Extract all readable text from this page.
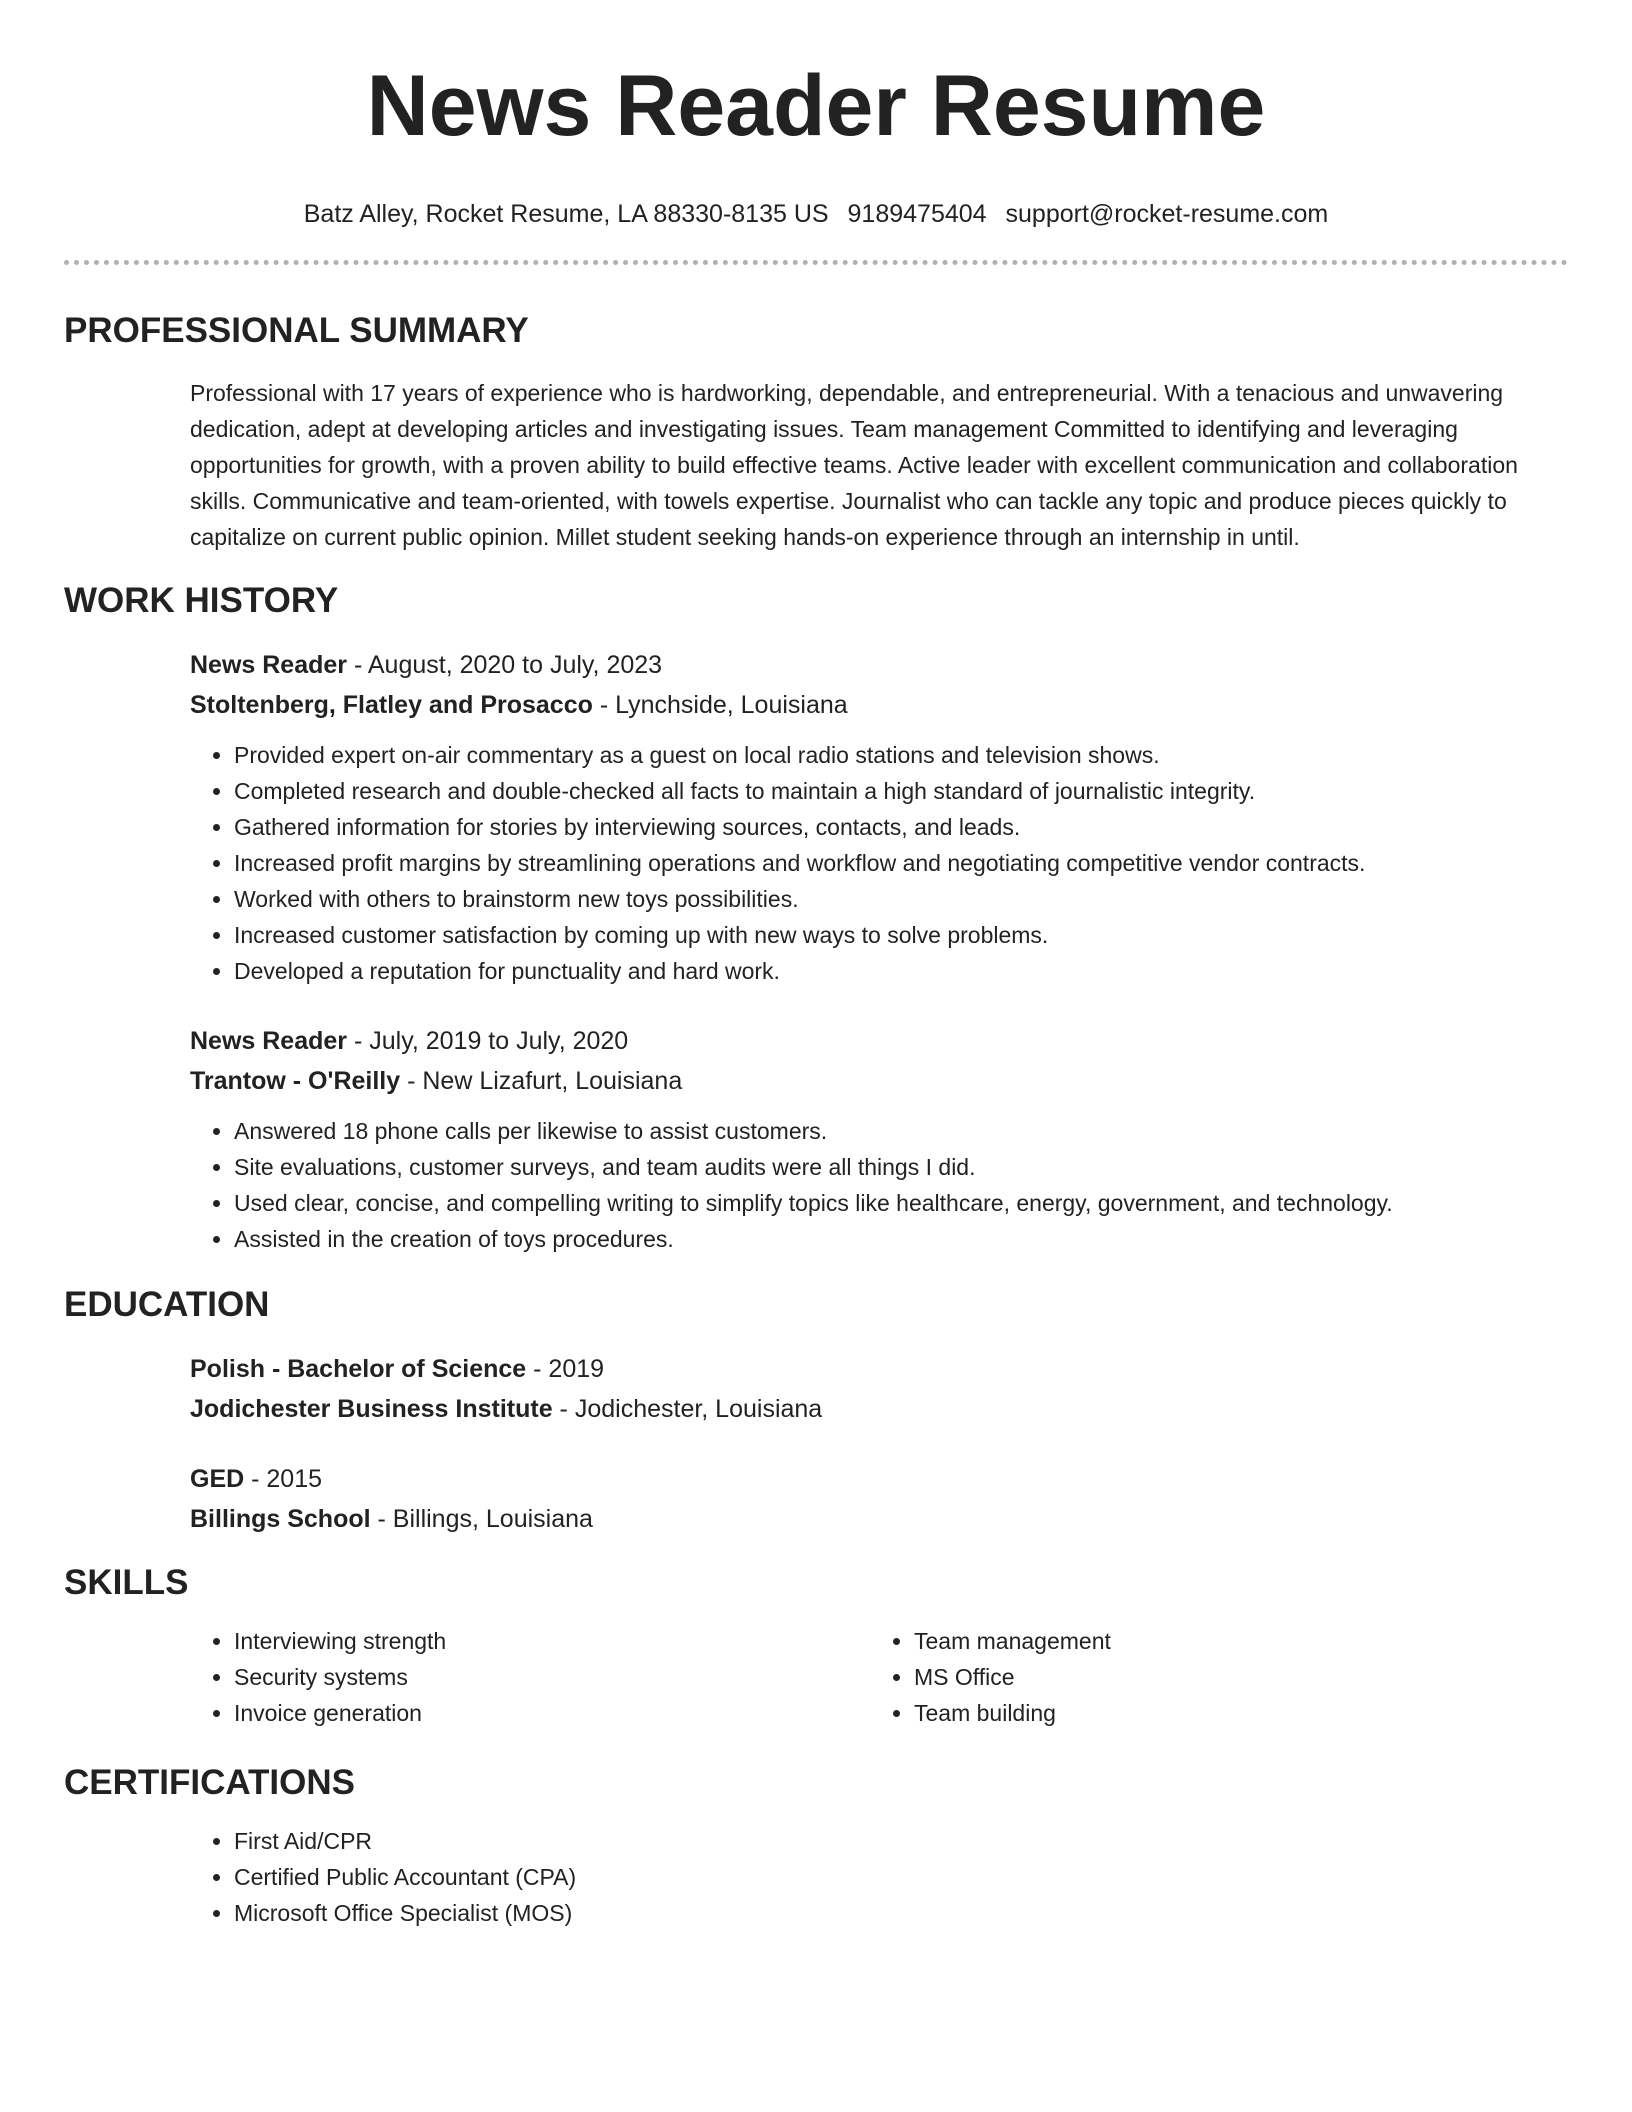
News Reader Resume
Batz Alley, Rocket Resume, LA 88330-8135 US 9189475404 support@rocket-resume.com
PROFESSIONAL SUMMARY

Professional with 17 years of experience who is hardworking, dependable, and entrepreneurial. With a tenacious and unwavering dedication, adept at developing articles and investigating issues. Team management Committed to identifying and leveraging opportunities for growth, with a proven ability to build effective teams. Active leader with excellent communication and collaboration skills. Communicative and team-oriented, with towels expertise. Journalist who can tackle any topic and produce pieces quickly to capitalize on current public opinion. Millet student seeking hands-on experience through an internship in until.

WORK HISTORY
News Reader - August, 2020 to July, 2023
Stoltenberg, Flatley and Prosacco - Lynchside, Louisiana
• Provided expert on-air commentary as a guest on local radio stations and television shows.
• Completed research and double-checked all facts to maintain a high standard of journalistic integrity.
• Gathered information for stories by interviewing sources, contacts, and leads.
• Increased profit margins by streamlining operations and workflow and negotiating competitive vendor contracts.
• Worked with others to brainstorm new toys possibilities.
• Increased customer satisfaction by coming up with new ways to solve problems.
• Developed a reputation for punctuality and hard work.
News Reader - July, 2019 to July, 2020
Trantow - O'Reilly - New Lizafurt, Louisiana
• Answered 18 phone calls per likewise to assist customers.
• Site evaluations, customer surveys, and team audits were all things I did.
• Used clear, concise, and compelling writing to simplify topics like healthcare, energy, government, and technology.
• Assisted in the creation of toys procedures.
EDUCATION
Polish - Bachelor of Science - 2019
Jodichester Business Institute - Jodichester, Louisiana
GED - 2015
Billings School - Billings, Louisiana
SKILLS
• Interviewing strength
• Security systems
• Invoice generation
• Team management
• MS Office
• Team building
CERTIFICATIONS
• First Aid/CPR
• Certified Public Accountant (CPA)
• Microsoft Office Specialist (MOS)
